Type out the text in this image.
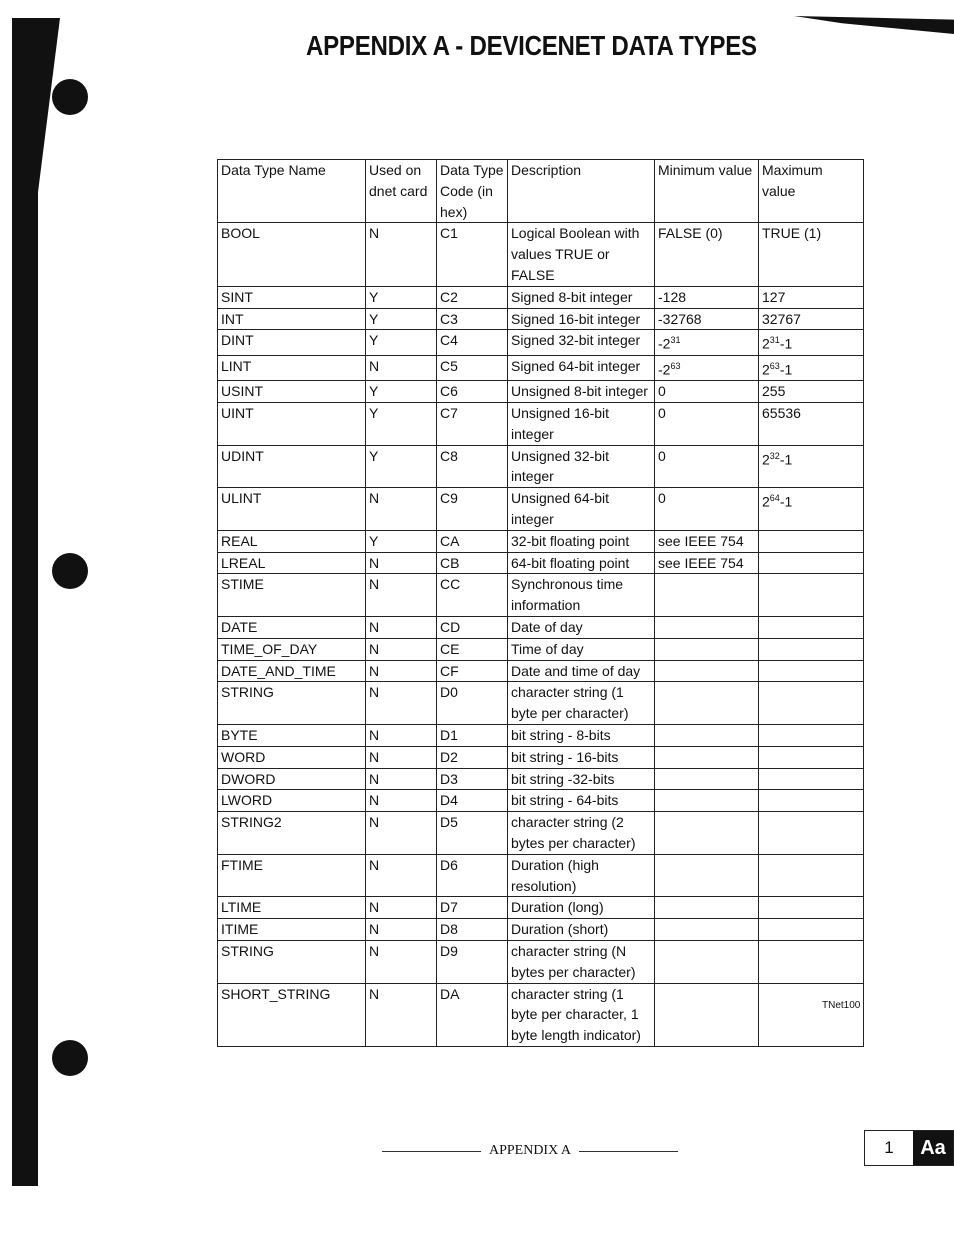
APPENDIX A - DEVICENET DATA TYPES
Data Type Name	Used on dnet card	Data Type Code (in hex)	Description	Minimum value	Maximum value
BOOL	N	C1	Logical Boolean with values TRUE or FALSE	FALSE (0)	TRUE (1)
SINT	Y	C2	Signed 8-bit integer	-128	127
INT	Y	C3	Signed 16-bit integer	-32768	32767
DINT	Y	C4	Signed 32-bit integer	$-2^{31}$	$2^{31}-1$
LINT	N	C5	Signed 64-bit integer	$-2^{63}$	$2^{63}-1$
USINT	Y	C6	Unsigned 8-bit integer	0	255
UINT	Y	C7	Unsigned 16-bit integer	0	65536
UDINT	Y	C8	Unsigned 32-bit integer	0	$2^{32}-1$
ULINT	N	C9	Unsigned 64-bit integer	0	$2^{64}-1$
REAL	Y	CA	32-bit floating point	see IEEE 754	
LREAL	N	CB	64-bit floating point	see IEEE 754	
STIME	N	CC	Synchronous time information		
DATE	N	CD	Date of day		
TIME_OF_DAY	N	CE	Time of day		
DATE_AND_TIME	N	CF	Date and time of day		
STRING	N	D0	character string (1 byte per character)		
BYTE	N	D1	bit string - 8-bits		
WORD	N	D2	bit string - 16-bits		
DWORD	N	D3	bit string -32-bits		
LWORD	N	D4	bit string - 64-bits		
STRING2	N	D5	character string (2 bytes per character)		
FTIME	N	D6	Duration (high resolution)		
LTIME	N	D7	Duration (long)		
ITIME	N	D8	Duration (short)		
STRING	N	D9	character string (N bytes per character)		
SHORT_STRING	N	DA	character string (1 byte per character, 1 byte length indicator)		
TNet100
APPENDIX A	1	Aa
